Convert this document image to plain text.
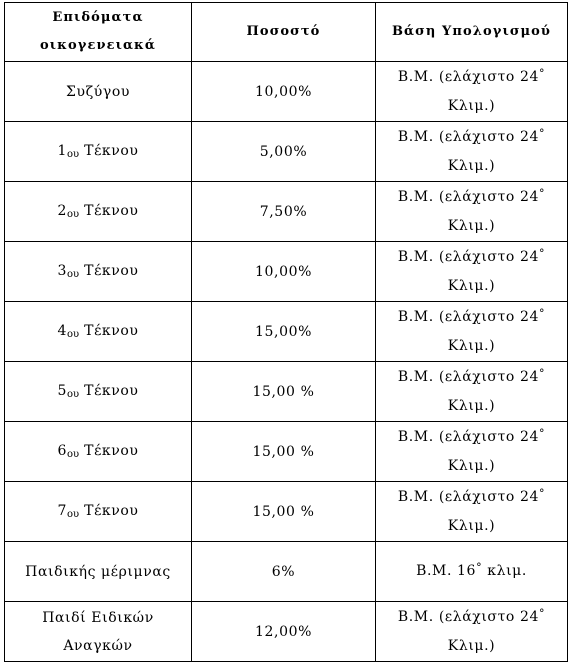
Επιδόματα οικογενειακά	Ποσοστό	Βάση Υπολογισμού
Συζύγου	10,00%	Β.Μ. (ελάχιστο 24°
Κλιμ.)
1ου Τέκνου	5,00%	Β.Μ. (ελάχιστο 24°
Κλιμ.)
2ου Τέκνου	7,50%	Β.Μ. (ελάχιστο 24°
Κλιμ.)
3ου Τέκνου	10,00%	Β.Μ. (ελάχιστο 24°
Κλιμ.)
4ου Τέκνου	15,00%	Β.Μ. (ελάχιστο 24°
Κλιμ.)
5ου Τέκνου	15,00 %	Β.Μ. (ελάχιστο 24°
Κλιμ.)
6ου Τέκνου	15,00 %	Β.Μ. (ελάχιστο 24°
Κλιμ.)
7ου Τέκνου	15,00 %	Β.Μ. (ελάχιστο 24°
Κλιμ.)
Παιδικής μέριμνας	6%	Β.Μ. 16° κλιμ.
Παιδί Ειδικών Αναγκών	12,00%	Β.Μ. (ελάχιστο 24°
Κλιμ.)
